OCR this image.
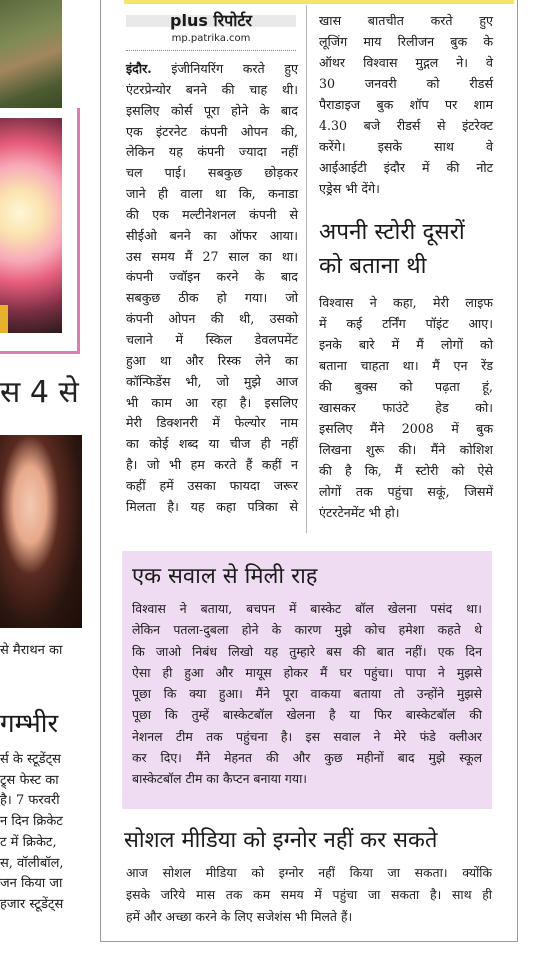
स 4 से
से मैराथन का
गम्भीर
र्स के स्टूडेंट्स
ट्र्स फेस्ट का
है। 7 फरवरी
न दिन क्रिकेट
ट में क्रिकेट,
स, वॉलीबॉल,
जन किया जा
हजार स्टूडेंट्स
plus रिपोर्टर
mp.patrika.com
इंदौर. इंजीनियरिंग करते हुए
एंटरप्रेन्योर बनने की चाह थी।
इसलिए कोर्स पूरा होने के बाद
एक इंटरनेट कंपनी ओपन की,
लेकिन यह कंपनी ज्यादा नहीं
चल पाई। सबकुछ छोड़कर
जाने ही वाला था कि, कनाडा
की एक मल्टीनेशनल कंपनी से
सीईओ बनने का ऑफर आया।
उस समय मैं 27 साल का था।
कंपनी ज्वॉइन करने के बाद
सबकुछ ठीक हो गया। जो
कंपनी ओपन की थी, उसको
चलाने में स्किल डेवलपमेंट
हुआ था और रिस्क लेने का
कॉन्फिडेंस भी, जो मुझे आज
भी काम आ रहा है। इसलिए
मेरी डिक्शनरी में फेल्योर नाम
का कोई शब्द या चीज ही नहीं
है। जो भी हम करते हैं कहीं न
कहीं हमें उसका फायदा जरूर
मिलता है। यह कहा पत्रिका से
खास बातचीत करते हुए
लूजिंग माय रिलीजन बुक के
ऑथर विश्वास मुद्गल ने। वे
30 जनवरी को रीडर्स
पैराडाइज बुक शॉप पर शाम
4.30 बजे रीडर्स से इंटरेक्ट
करेंगे। इसके साथ वे
आईआईटी इंदौर में की नोट
एड्रेस भी देंगे।
अपनी स्टोरी दूसरों
को बताना थी
विश्वास ने कहा, मेरी लाइफ
में कई टर्निंग पॉइंट आए।
इनके बारे में मैं लोगों को
बताना चाहता था। मैं एन रेंड
की बुक्स को पढ़ता हूं,
खासकर फाउंटे हेड को।
इसलिए मैंने 2008 में बुक
लिखना शुरू की। मैंने कोशिश
की है कि, मैं स्टोरी को ऐसे
लोगों तक पहुंचा सकूं, जिसमें
एंटरटेनमेंट भी हो।
एक सवाल से मिली राह
विश्वास ने बताया, बचपन में बास्केट बॉल खेलना पसंद था।
लेकिन पतला-दुबला होने के कारण मुझे कोच हमेशा कहते थे
कि जाओ निबंध लिखो यह तुम्हारे बस की बात नहीं। एक दिन
ऐसा ही हुआ और मायूस होकर मैं घर पहुंचा। पापा ने मुझसे
पूछा कि क्या हुआ। मैंने पूरा वाकया बताया तो उन्होंने मुझसे
पूछा कि तुम्हें बास्केटबॉल खेलना है या फिर बास्केटबॉल की
नेशनल टीम तक पहुंचना है। इस सवाल ने मेरे फंडे क्लीअर
कर दिए। मैंने मेहनत की और कुछ महीनों बाद मुझे स्कूल
बास्केटबॉल टीम का कैप्टन बनाया गया।
सोशल मीडिया को इग्नोर नहीं कर सकते
आज सोशल मीडिया को इग्नोर नहीं किया जा सकता। क्योंकि
इसके जरिये मास तक कम समय में पहुंचा जा सकता है। साथ ही
हमें और अच्छा करने के लिए सजेशंस भी मिलते हैं।
